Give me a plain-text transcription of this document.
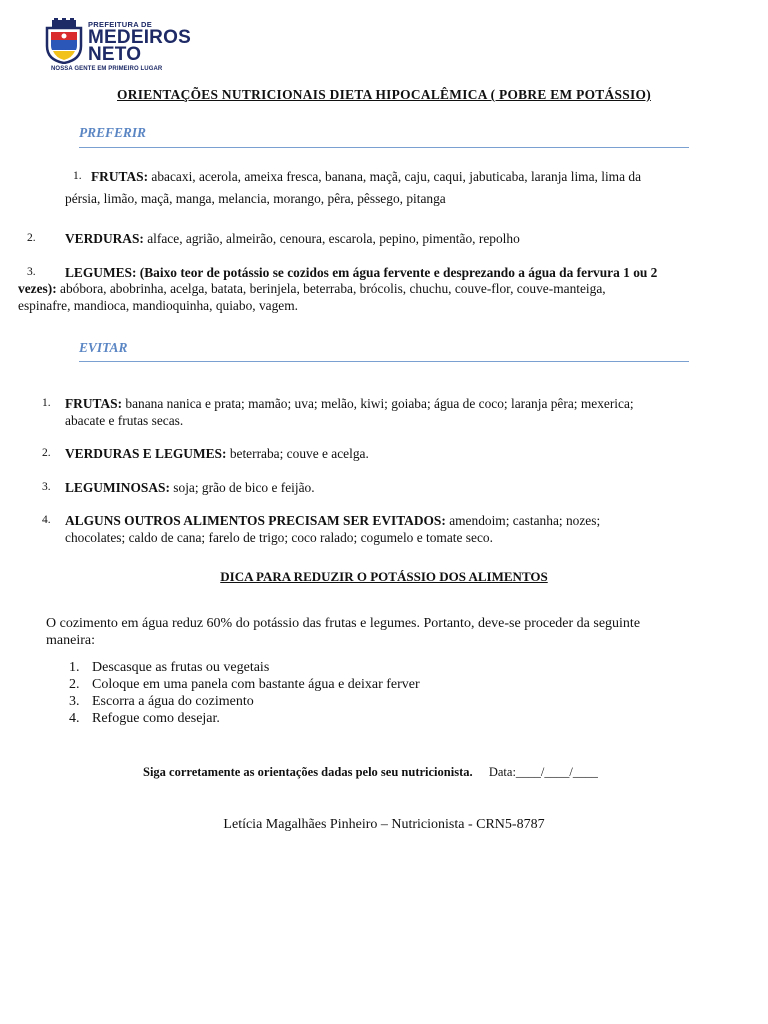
PREFEITURA DE
MEDEIROS
NETO
NOSSA GENTE EM PRIMEIRO LUGAR
ORIENTAÇÕES NUTRICIONAIS DIETA HIPOCALÊMICA ( POBRE EM POTÁSSIO)
PREFERIR
1. FRUTAS: abacaxi, acerola, ameixa fresca, banana, maçã, caju, caqui, jabuticaba, laranja lima, lima da
pérsia, limão, maçã, manga, melancia, morango, pêra, pêssego, pitanga
2. VERDURAS: alface, agrião, almeirão, cenoura, escarola, pepino, pimentão, repolho
3. LEGUMES: (Baixo teor de potássio se cozidos em água fervente e desprezando a água da fervura 1 ou 2
vezes): abóbora, abobrinha, acelga, batata, berinjela, beterraba, brócolis, chuchu, couve-flor, couve-manteiga,
espinafre, mandioca, mandioquinha, quiabo, vagem.
EVITAR
1. FRUTAS: banana nanica e prata; mamão; uva; melão, kiwi; goiaba; água de coco; laranja pêra; mexerica;
abacate e frutas secas.
2. VERDURAS E LEGUMES: beterraba; couve e acelga.
3. LEGUMINOSAS: soja; grão de bico e feijão.
4. ALGUNS OUTROS ALIMENTOS PRECISAM SER EVITADOS: amendoim; castanha; nozes;
chocolates; caldo de cana; farelo de trigo; coco ralado; cogumelo e tomate seco.
DICA PARA REDUZIR O POTÁSSIO DOS ALIMENTOS
O cozimento em água reduz 60% do potássio das frutas e legumes. Portanto, deve-se proceder da seguinte
maneira:
1. Descasque as frutas ou vegetais
2. Coloque em uma panela com bastante água e deixar ferver
3. Escorra a água do cozimento
4. Refogue como desejar.
Siga corretamente as orientações dadas pelo seu nutricionista. Data:____/____/____
Letícia Magalhães Pinheiro – Nutricionista - CRN5-8787
